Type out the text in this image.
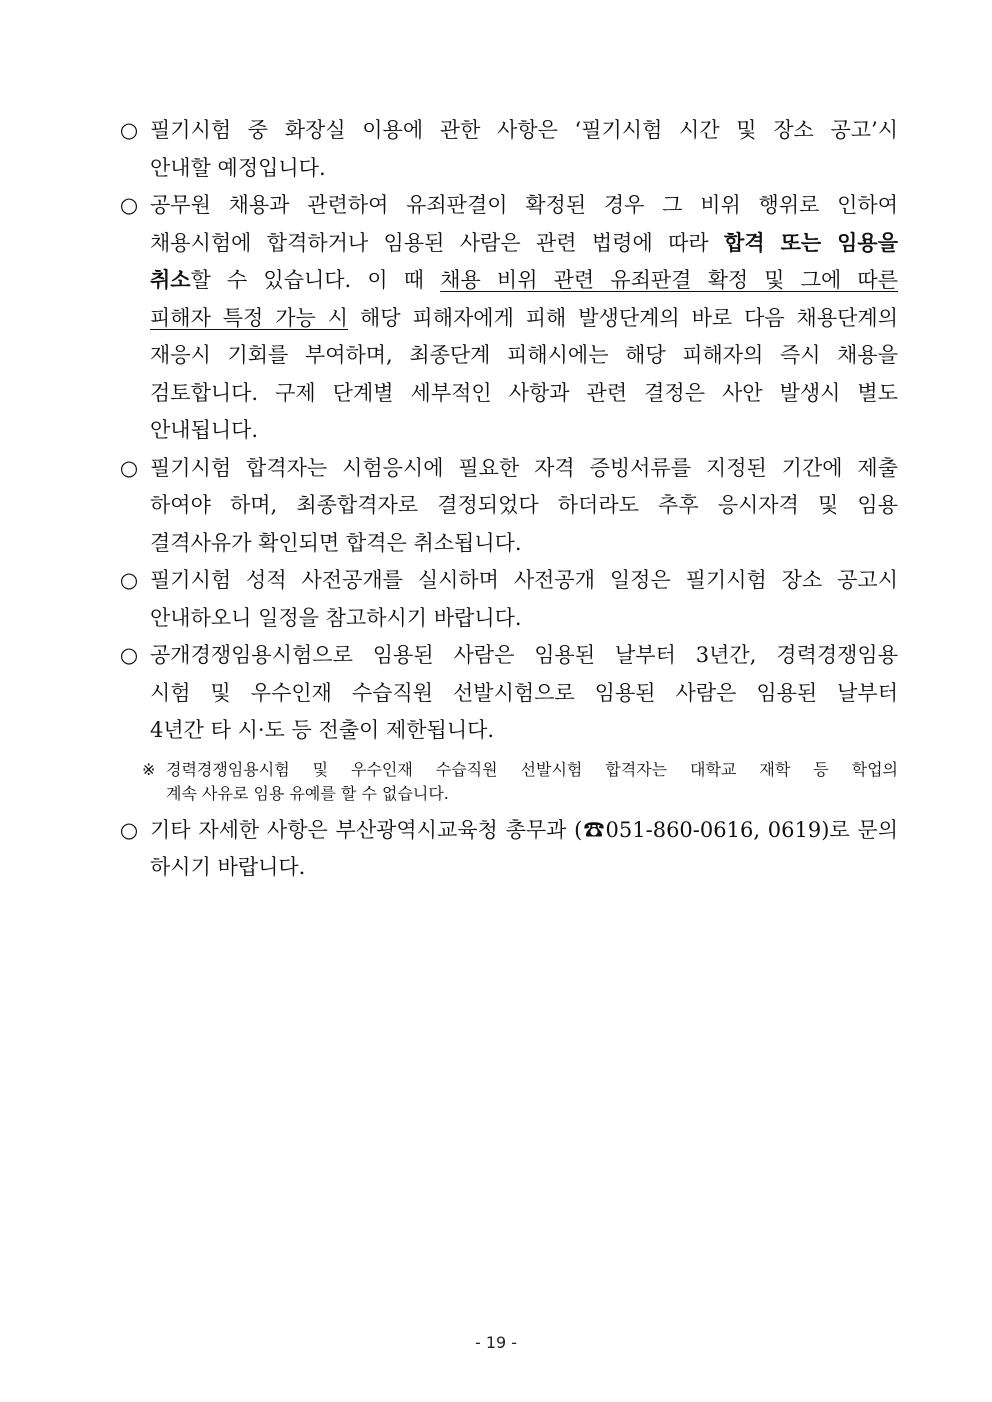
○ 필기시험 중 화장실 이용에 관한 사항은 ‘필기시험 시간 및 장소 공고’시
안내할 예정입니다.
○ 공무원 채용과 관련하여 유죄판결이 확정된 경우 그 비위 행위로 인하여
채용시험에 합격하거나 임용된 사람은 관련 법령에 따라 합격 또는 임용을
취소할 수 있습니다. 이 때 채용 비위 관련 유죄판결 확정 및 그에 따른
피해자 특정 가능 시 해당 피해자에게 피해 발생단계의 바로 다음 채용단계의
재응시 기회를 부여하며, 최종단계 피해시에는 해당 피해자의 즉시 채용을
검토합니다. 구제 단계별 세부적인 사항과 관련 결정은 사안 발생시 별도
안내됩니다.
○ 필기시험 합격자는 시험응시에 필요한 자격 증빙서류를 지정된 기간에 제출
하여야 하며, 최종합격자로 결정되었다 하더라도 추후 응시자격 및 임용
결격사유가 확인되면 합격은 취소됩니다.
○ 필기시험 성적 사전공개를 실시하며 사전공개 일정은 필기시험 장소 공고시
안내하오니 일정을 참고하시기 바랍니다.
○ 공개경쟁임용시험으로 임용된 사람은 임용된 날부터 3년간, 경력경쟁임용
시험 및 우수인재 수습직원 선발시험으로 임용된 사람은 임용된 날부터
4년간 타 시·도 등 전출이 제한됩니다.
※ 경력경쟁임용시험 및 우수인재 수습직원 선발시험 합격자는 대학교 재학 등 학업의
계속 사유로 임용 유예를 할 수 없습니다.
○ 기타 자세한 사항은 부산광역시교육청 총무과 (☎051-860-0616, 0619)로 문의
하시기 바랍니다.
- 19 -
